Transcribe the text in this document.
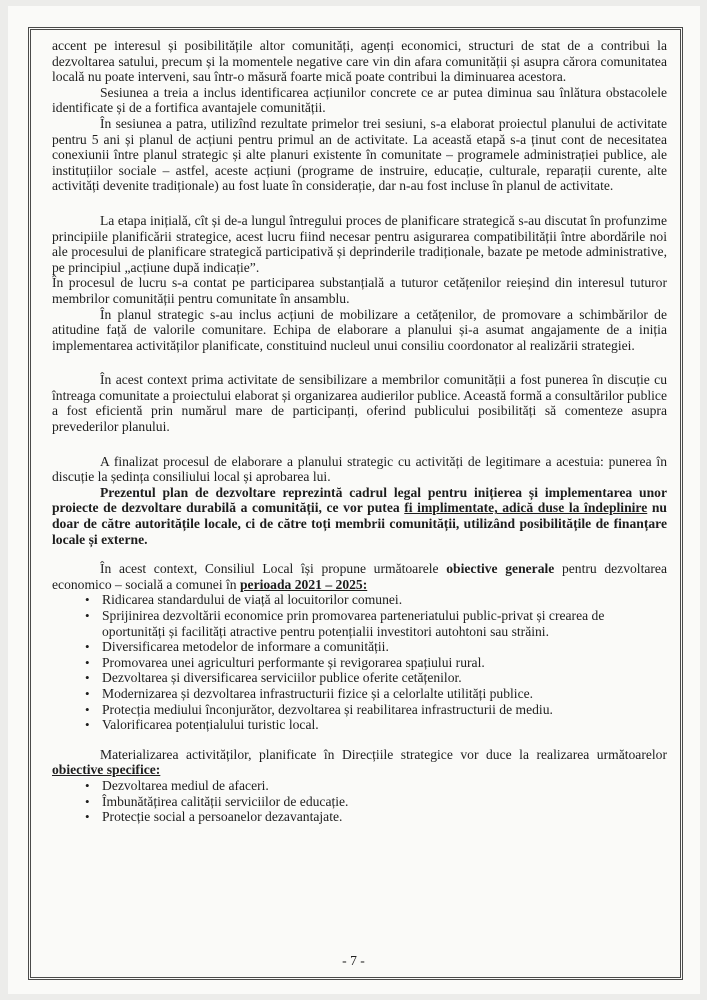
accent pe interesul și posibilitățile altor comunități, agenți economici, structuri de stat de a contribui la dezvoltarea satului, precum și la momentele negative care vin din afara comunității și asupra cărora comunitatea locală nu poate interveni, sau într-o măsură foarte mică poate contribui la diminuarea acestora.

Sesiunea a treia a inclus identificarea acțiunilor concrete ce ar putea diminua sau înlătura obstacolele identificate și de a fortifica avantajele comunității.

În sesiunea a patra, utilizînd rezultate primelor trei sesiuni, s-a elaborat proiectul planului de activitate pentru 5 ani și planul de acțiuni pentru primul an de activitate. La această etapă s-a ținut cont de necesitatea conexiunii între planul strategic și alte planuri existente în comunitate – programele administrației publice, ale instituțiilor sociale – astfel, aceste acțiuni (programe de instruire, educație, culturale, reparații curente, alte activități devenite tradiționale) au fost luate în considerație, dar n-au fost incluse în planul de activitate.

La etapa inițială, cît și de-a lungul întregului proces de planificare strategică s-au discutat în profunzime principiile planificării strategice, acest lucru fiind necesar pentru asigurarea compatibilității între abordările noi ale procesului de planificare strategică participativă și deprinderile tradiționale, bazate pe metode administrative, pe principiul „acțiune după indicație”.

În procesul de lucru s-a contat pe participarea substanțială a tuturor cetățenilor reieșind din interesul tuturor membrilor comunității pentru comunitate în ansamblu.

În planul strategic s-au inclus acțiuni de mobilizare a cetățenilor, de promovare a schimbărilor de atitudine față de valorile comunitare. Echipa de elaborare a planului și-a asumat angajamente de a iniția implementarea activităților planificate, constituind nucleul unui consiliu coordonator al realizării strategiei.

În acest context prima activitate de sensibilizare a membrilor comunității a fost punerea în discuție cu întreaga comunitate a proiectului elaborat și organizarea audierilor publice. Această formă a consultărilor publice a fost eficientă prin numărul mare de participanți, oferind publicului posibilități să comenteze asupra prevederilor planului.

A finalizat procesul de elaborare a planului strategic cu activități de legitimare a acestuia: punerea în discuție la ședința consiliului local și aprobarea lui.

Prezentul plan de dezvoltare reprezintă cadrul legal pentru inițierea și implementarea unor proiecte de dezvoltare durabilă a comunității, ce vor putea fi implimentate, adică duse la îndeplinire nu doar de către autoritățile locale, ci de către toți membrii comunității, utilizând posibilitățile de finanțare locale și externe.

În acest context, Consiliul Local își propune următoarele obiective generale pentru dezvoltarea economico – socială a comunei în perioada 2021 – 2025:

• Ridicarea standardului de viață al locuitorilor comunei.
• Sprijinirea dezvoltării economice prin promovarea parteneriatului public-privat și crearea de oportunități și facilități atractive pentru potențialii investitori autohtoni sau străini.
• Diversificarea metodelor de informare a comunității.
• Promovarea unei agriculturi performante și revigorarea spațiului rural.
• Dezvoltarea și diversificarea serviciilor publice oferite cetățenilor.
• Modernizarea și dezvoltarea infrastructurii fizice și a celorlalte utilități publice.
• Protecția mediului înconjurător, dezvoltarea și reabilitarea infrastructurii de mediu.
• Valorificarea potențialului turistic local.

Materializarea activităților, planificate în Direcțiile strategice vor duce la realizarea următoarelor obiective specifice:

• Dezvoltarea mediul de afaceri.
• Îmbunătățirea calității serviciilor de educație.
• Protecție social a persoanelor dezavantajate.
- 7 -
